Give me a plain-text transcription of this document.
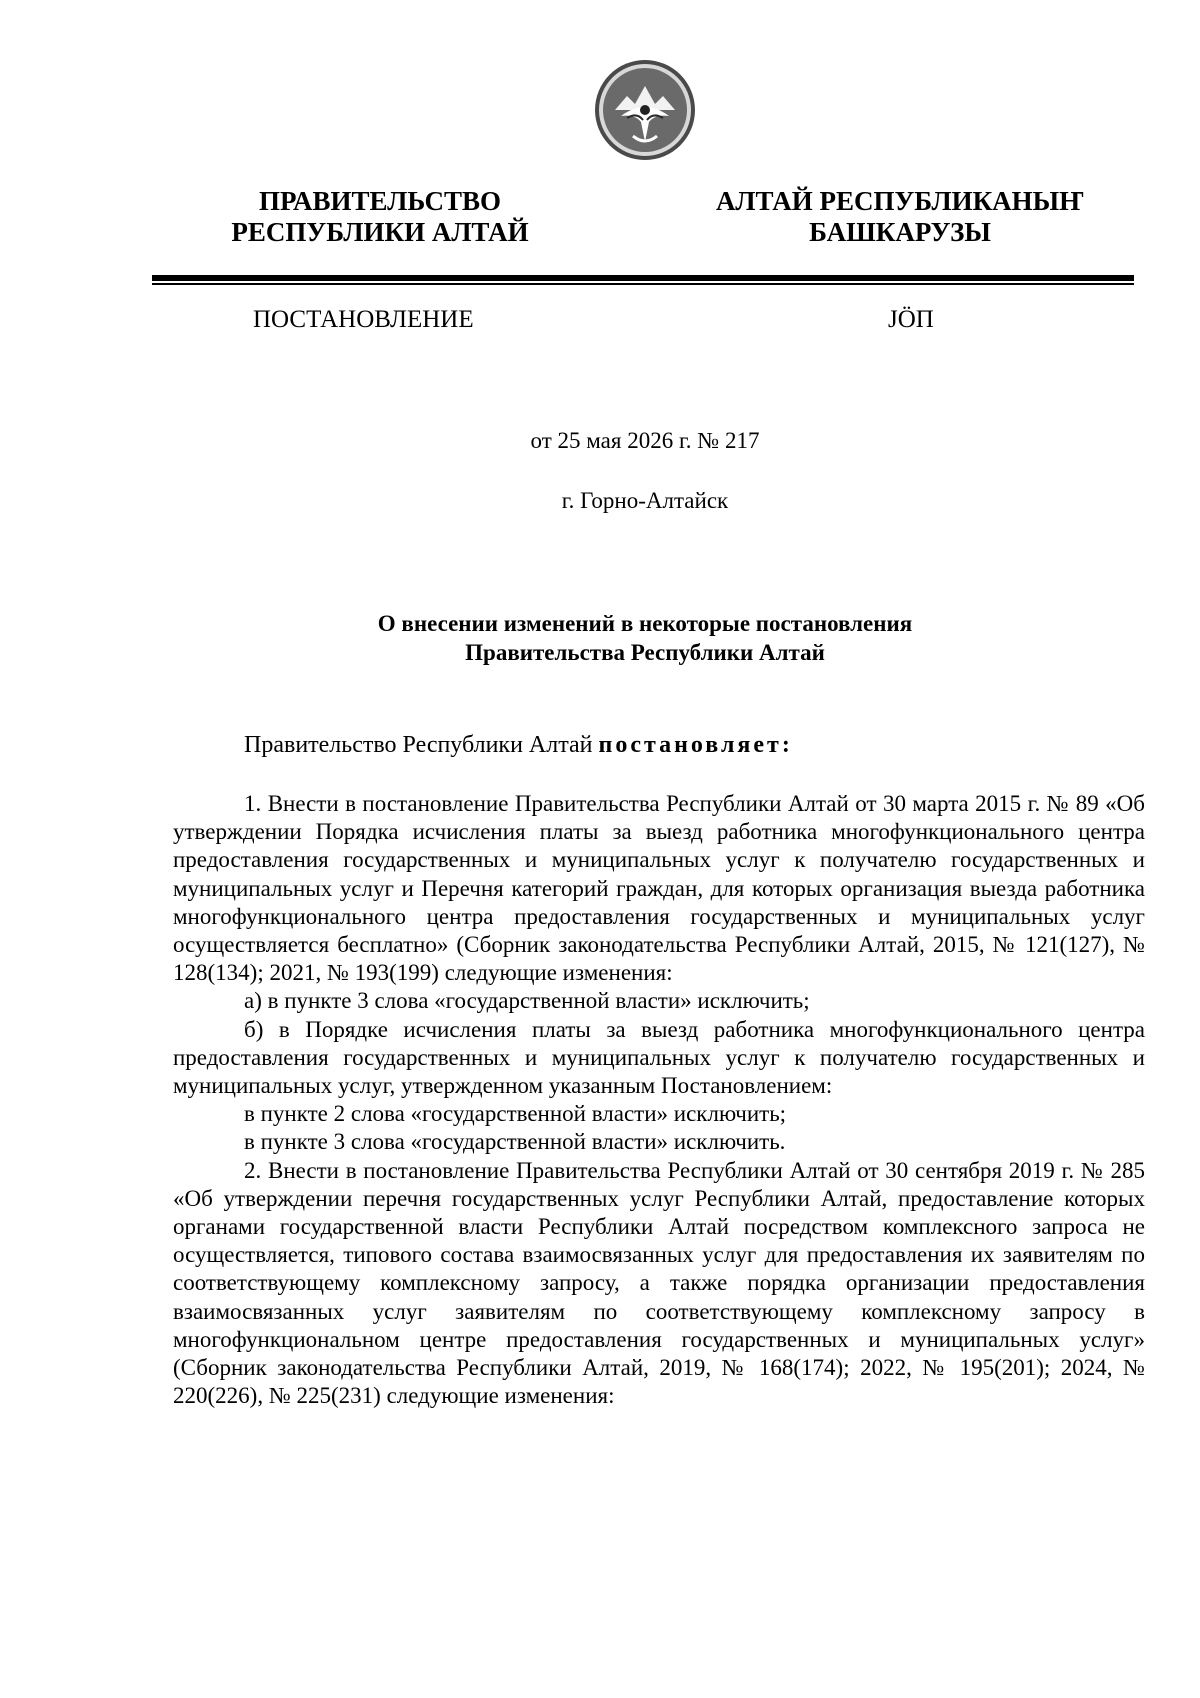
ПРАВИТЕЛЬСТВО
РЕСПУБЛИКИ АЛТАЙ
АЛТАЙ РЕСПУБЛИКАНЫҤ
БАШКАРУЗЫ
ПОСТАНОВЛЕНИЕ	ЈӦП
от 25 мая 2026 г. № 217
г. Горно-Алтайск
О внесении изменений в некоторые постановления
Правительства Республики Алтай
Правительство Республики Алтай постановляет:

1. Внести в постановление Правительства Республики Алтай от 30 марта 2015 г. № 89 «Об утверждении Порядка исчисления платы за выезд работника многофункционального центра предоставления государственных и муниципальных услуг к получателю государственных и муниципальных услуг и Перечня категорий граждан, для которых организация выезда работника многофункционального центра предоставления государственных и муниципальных услуг осуществляется бесплатно» (Сборник законодательства Республики Алтай, 2015, № 121(127), № 128(134); 2021, № 193(199) следующие изменения:

а) в пункте 3 слова «государственной власти» исключить;

б) в Порядке исчисления платы за выезд работника многофункционального центра предоставления государственных и муниципальных услуг к получателю государственных и муниципальных услуг, утвержденном указанным Постановлением:

в пункте 2 слова «государственной власти» исключить;

в пункте 3 слова «государственной власти» исключить.

2. Внести в постановление Правительства Республики Алтай от 30 сентября 2019 г. № 285 «Об утверждении перечня государственных услуг Республики Алтай, предоставление которых органами государственной власти Республики Алтай посредством комплексного запроса не осуществляется, типового состава взаимосвязанных услуг для предоставления их заявителям по соответствующему комплексному запросу, а также порядка организации предоставления взаимосвязанных услуг заявителям по соответствующему комплексному запросу в многофункциональном центре предоставления государственных и муниципальных услуг» (Сборник законодательства Республики Алтай, 2019, № 168(174); 2022, № 195(201); 2024, № 220(226), № 225(231) следующие изменения:
